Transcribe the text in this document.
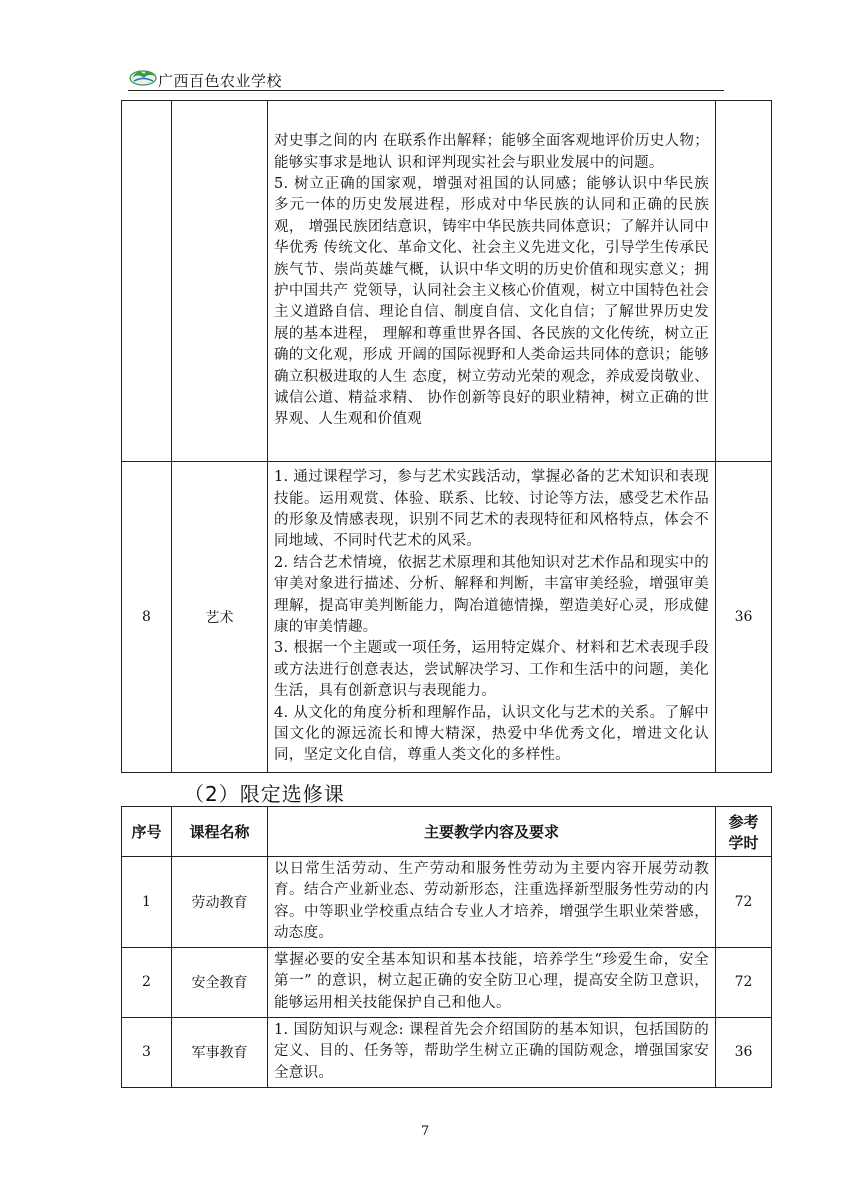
广西百色农业学校

		对史事之间的内 在联系作出解释；能够全面客观地评价历史人物；能够实事求是地认 识和评判现实社会与职业发展中的问题。

5. 树立正确的国家观，增强对祖国的认同感；能够认识中华民族 多元一体的历史发展进程，形成对中华民族的认同和正确的民族观， 增强民族团结意识，铸牢中华民族共同体意识；了解并认同中华优秀 传统文化、革命文化、社会主义先进文化，引导学生传承民族气节、崇尚英雄气概，认识中华文明的历史价值和现实意义；拥护中国共产 党领导，认同社会主义核心价值观，树立中国特色社会主义道路自信、理论自信、制度自信、文化自信；了解世界历史发展的基本进程， 理解和尊重世界各国、各民族的文化传统，树立正确的文化观，形成 开阔的国际视野和人类命运共同体的意识；能够确立积极进取的人生 态度，树立劳动光荣的观念，养成爱岗敬业、诚信公道、精益求精、 协作创新等良好的职业精神，树立正确的世界观、人生观和价值观	

8	艺术	1. 通过课程学习，参与艺术实践活动，掌握必备的艺术知识和表现技能。运用观赏、体验、联系、比较、讨论等方法，感受艺术作品的形象及情感表现，识别不同艺术的表现特征和风格特点，体会不同地域、不同时代艺术的风采。

2. 结合艺术情境，依据艺术原理和其他知识对艺术作品和现实中的审美对象进行描述、分析、解释和判断，丰富审美经验，增强审美理解，提高审美判断能力，陶冶道德情操，塑造美好心灵，形成健康的审美情趣。

3. 根据一个主题或一项任务，运用特定媒介、材料和艺术表现手段或方法进行创意表达，尝试解决学习、工作和生活中的问题，美化生活，具有创新意识与表现能力。

4. 从文化的角度分析和理解作品，认识文化与艺术的关系。了解中国文化的源远流长和博大精深，热爱中华优秀文化，增进文化认同，坚定文化自信，尊重人类文化的多样性。	36
（2）限定选修课
序号	课程名称	主要教学内容及要求	参考
学时

1	劳动教育	以日常生活劳动、生产劳动和服务性劳动为主要内容开展劳动教育。结合产业新业态、劳动新形态，注重选择新型服务性劳动的内容。中等职业学校重点结合专业人才培养，增强学生职业荣誉感， 动态度。	72
2	安全教育	掌握必要的安全基本知识和基本技能，培养学生“珍爱生命，安全第一” 的意识，树立起正确的安全防卫心理，提高安全防卫意识，能够运用相关技能保护自己和他人。	72
3	军事教育	1. 国防知识与观念: 课程首先会介绍国防的基本知识，包括国防的定义、目的、任务等，帮助学生树立正确的国防观念，增强国家安全意识。	36
7
